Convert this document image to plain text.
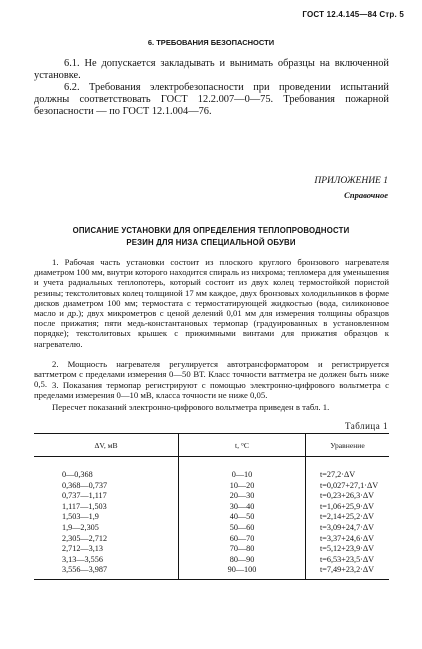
ГОСТ 12.4.145—84 Стр. 5
6. ТРЕБОВАНИЯ БЕЗОПАСНОСТИ

6.1. Не допускается закладывать и вынимать образцы на включенной установке.

6.2. Требования электробезопасности при проведении испытаний должны соответствовать ГОСТ 12.2.007—0—75. Требования пожарной безопасности — по ГОСТ 12.1.004—76.

ПРИЛОЖЕНИЕ 1
Справочное
ОПИСАНИЕ УСТАНОВКИ ДЛЯ ОПРЕДЕЛЕНИЯ ТЕПЛОПРОВОДНОСТИ
РЕЗИН ДЛЯ НИЗА СПЕЦИАЛЬНОЙ ОБУВИ

1. Рабочая часть установки состоит из плоского круглого бронзового нагревателя диаметром 100 мм, внутри которого находится спираль из нихрома; тепломера для уменьшения и учета радиальных теплопотерь, который состоит из двух колец термостойкой пористой резины; текстолитовых колец толщиной 17 мм каждое, двух бронзовых холодильников в форме дисков диаметром 100 мм; термостата с термостатирующей жидкостью (вода, силиконовое масло и др.); двух микрометров с ценой делений 0,01 мм для измерения толщины образцов после прижатия; пяти медь-константановых термопар (градуированных в установленном порядке); текстолитовых крышек с прижимными винтами для прижатия образцов к нагревателю.

2. Мощность нагревателя регулируется автотрансформатором и регистрируется ваттметром с пределами измерения 0—50 ВТ. Класс точности ваттметра не должен быть ниже 0,5. 3. Показания термопар регистрируют с помощью электронно-цифрового вольтметра с пределами измерения 0—10 мВ, класса точности не ниже 0,05.

Пересчет показаний электронно-цифрового вольтметра приведен в табл. 1.

Таблица 1
ΔV, мВ	t, °C	Уравнение
0—0,368	0—10	t=27,2·ΔV
0,368—0,737	10—20	t=0,027+27,1·ΔV
0,737—1,117	20—30	t=0,23+26,3·ΔV
1,117—1,503	30—40	t=1,06+25,9·ΔV
1,503—1,9	40—50	t=2,14+25,2·ΔV
1,9—2,305	50—60	t=3,09+24,7·ΔV
2,305—2,712	60—70	t=3,37+24,6·ΔV
2,712—3,13	70—80	t=5,12+23,9·ΔV
3,13—3,556	80—90	t=6,53+23,5·ΔV
3,556—3,987	90—100	t=7,49+23,2·ΔV
